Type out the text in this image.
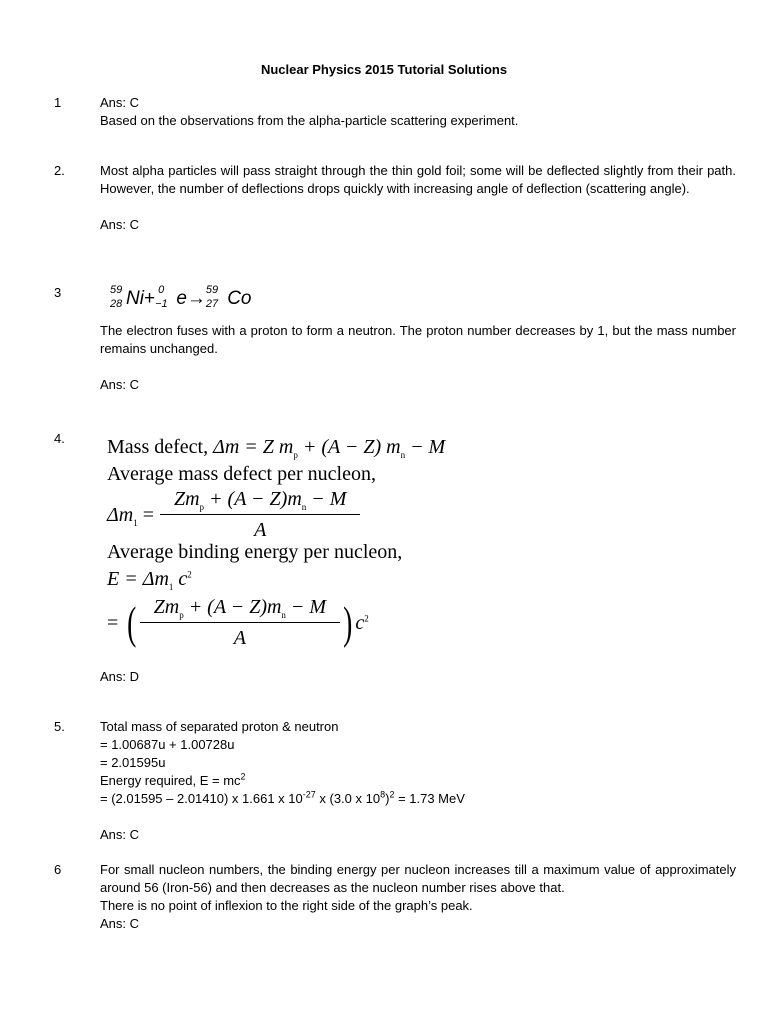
Nuclear Physics 2015 Tutorial Solutions
1	Ans: C

Based on the observations from the alpha-particle scattering experiment.

2.	Most alpha particles will pass straight through the thin gold foil; some will be deflected slightly from their path. However, the number of deflections drops quickly with increasing angle of deflection (scattering angle).

Ans: C

3	59
28 Ni+ 0
−1 e→ 59
27 Co

The electron fuses with a proton to form a neutron. The proton number decreases by 1, but the mass number remains unchanged.

Ans: C

4. Mass defect, Δm = Z $m_p + (A - Z) m_n - M$
Average mass defect per nucleon,
$\Delta m_1 = \frac{Zm_p + (A - Z)m_n - M}{A}$
Average binding energy per nucleon,
$E = \Delta m_1$ $c^2$
= ( $\frac{Zm_p + (A - Z)m_n - M}{A}$ ) $c^2$

Ans: D

5.	Total mass of separated proton & neutron

= 1.00687u + 1.00728u

= 2.01595u

Energy required, $E = mc^2$

= (2.01595 – 2.01410) x 1.661 x $10^{-27}$ x (3.0 x $10^8)^2 = 1.73$ MeV

Ans: C

6	For small nucleon numbers, the binding energy per nucleon increases till a maximum value of approximately around 56 (Iron-56) and then decreases as the nucleon number rises above that.

There is no point of inflexion to the right side of the graph’s peak.

Ans: C
